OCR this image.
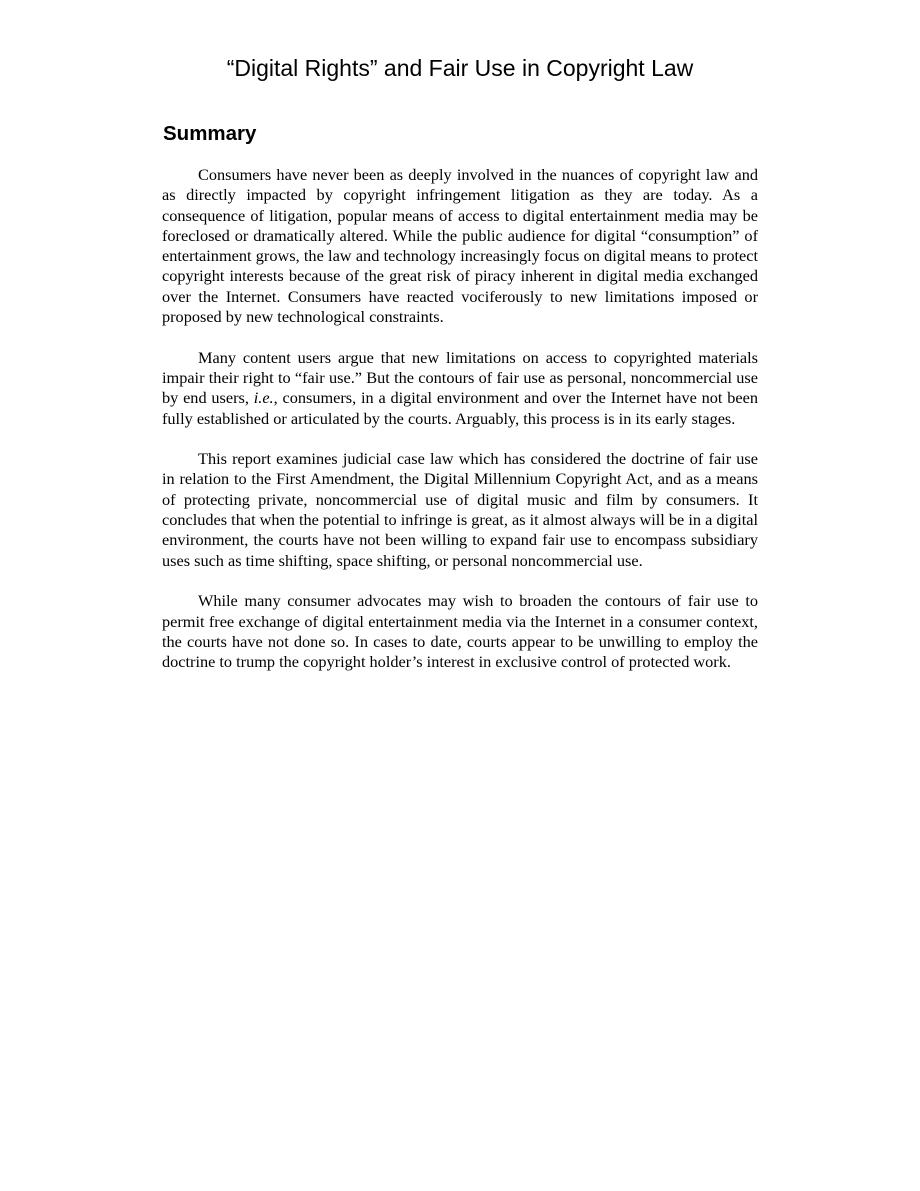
“Digital Rights” and Fair Use in Copyright Law
Summary

Consumers have never been as deeply involved in the nuances of copyright law and as directly impacted by copyright infringement litigation as they are today. As a consequence of litigation, popular means of access to digital entertainment media may be foreclosed or dramatically altered. While the public audience for digital “consumption” of entertainment grows, the law and technology increasingly focus on digital means to protect copyright interests because of the great risk of piracy inherent in digital media exchanged over the Internet. Consumers have reacted vociferously to new limitations imposed or proposed by new technological constraints.

Many content users argue that new limitations on access to copyrighted materials impair their right to “fair use.” But the contours of fair use as personal, noncommercial use by end users, i.e., consumers, in a digital environment and over the Internet have not been fully established or articulated by the courts. Arguably, this process is in its early stages.

This report examines judicial case law which has considered the doctrine of fair use in relation to the First Amendment, the Digital Millennium Copyright Act, and as a means of protecting private, noncommercial use of digital music and film by consumers. It concludes that when the potential to infringe is great, as it almost always will be in a digital environment, the courts have not been willing to expand fair use to encompass subsidiary uses such as time shifting, space shifting, or personal noncommercial use.

While many consumer advocates may wish to broaden the contours of fair use to permit free exchange of digital entertainment media via the Internet in a consumer context, the courts have not done so. In cases to date, courts appear to be unwilling to employ the doctrine to trump the copyright holder’s interest in exclusive control of protected work.
